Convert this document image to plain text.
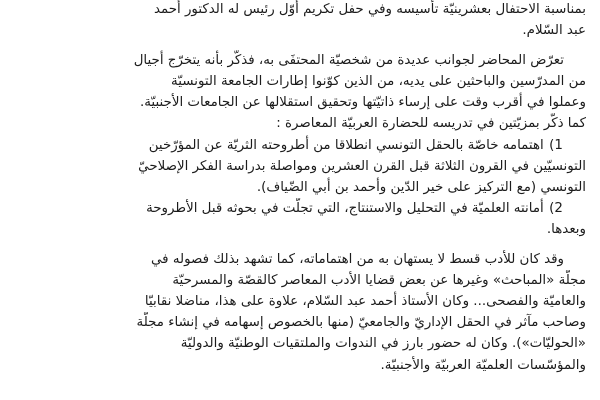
بمناسبة الاحتفال بعشرينيّة تأسيسه وفي حفل تكريم أوّل رئيس له الدكتور أحمد
عبد السّلام.
تعرّض المحاضر لجوانب عديدة من شخصيّة المحتفَى به، فذكّر بأنه يتخرّج أجيال
من المدرّسين والباحثين على يديه، من الذين كوّنوا إطارات الجامعة التونسيّة
وعملوا في أقرب وقت على إرساء ذاتيّتها وتحقيق استقلالها عن الجامعات الأجنبيّة.
كما ذكّر بمزيّتين في تدريسه للحضارة العربيّة المعاصرة :
1) اهتمامه خاصّة بالحقل التونسي انطلاقا من أطروحته الثريّة عن المؤرّخين
التونسيّين في القرون الثلاثة قبل القرن العشرين ومواصلة بدراسة الفكر الإصلاحيّ
التونسي (مع التركيز على خير الدّين وأحمد بن أبي الضّياف).
2) أمانته العلميّة في التحليل والاستنتاج، التي تجلّت في بحوثه قبل الأطروحة
وبعدها.
وقد كان للأدب قسط لا يستهان به من اهتماماته، كما تشهد بذلك فصوله في
مجلّة «المباحث» وغيرها عن بعض قضايا الأدب المعاصر كالقصّة والمسرحيّة
والعاميّة والفصحى... وكان الأستاذ أحمد عبد السّلام، علاوة على هذا، مناضلا نقابيّا
وصاحب مآثر في الحقل الإداريّ والجامعيّ (منها بالخصوص إسهامه في إنشاء مجلّة
«الحوليّات»). وكان له حضور بارز في الندوات والملتقيات الوطنيّة والدوليّة
والمؤسّسات العلميّة العربيّة والأجنبيّة.
